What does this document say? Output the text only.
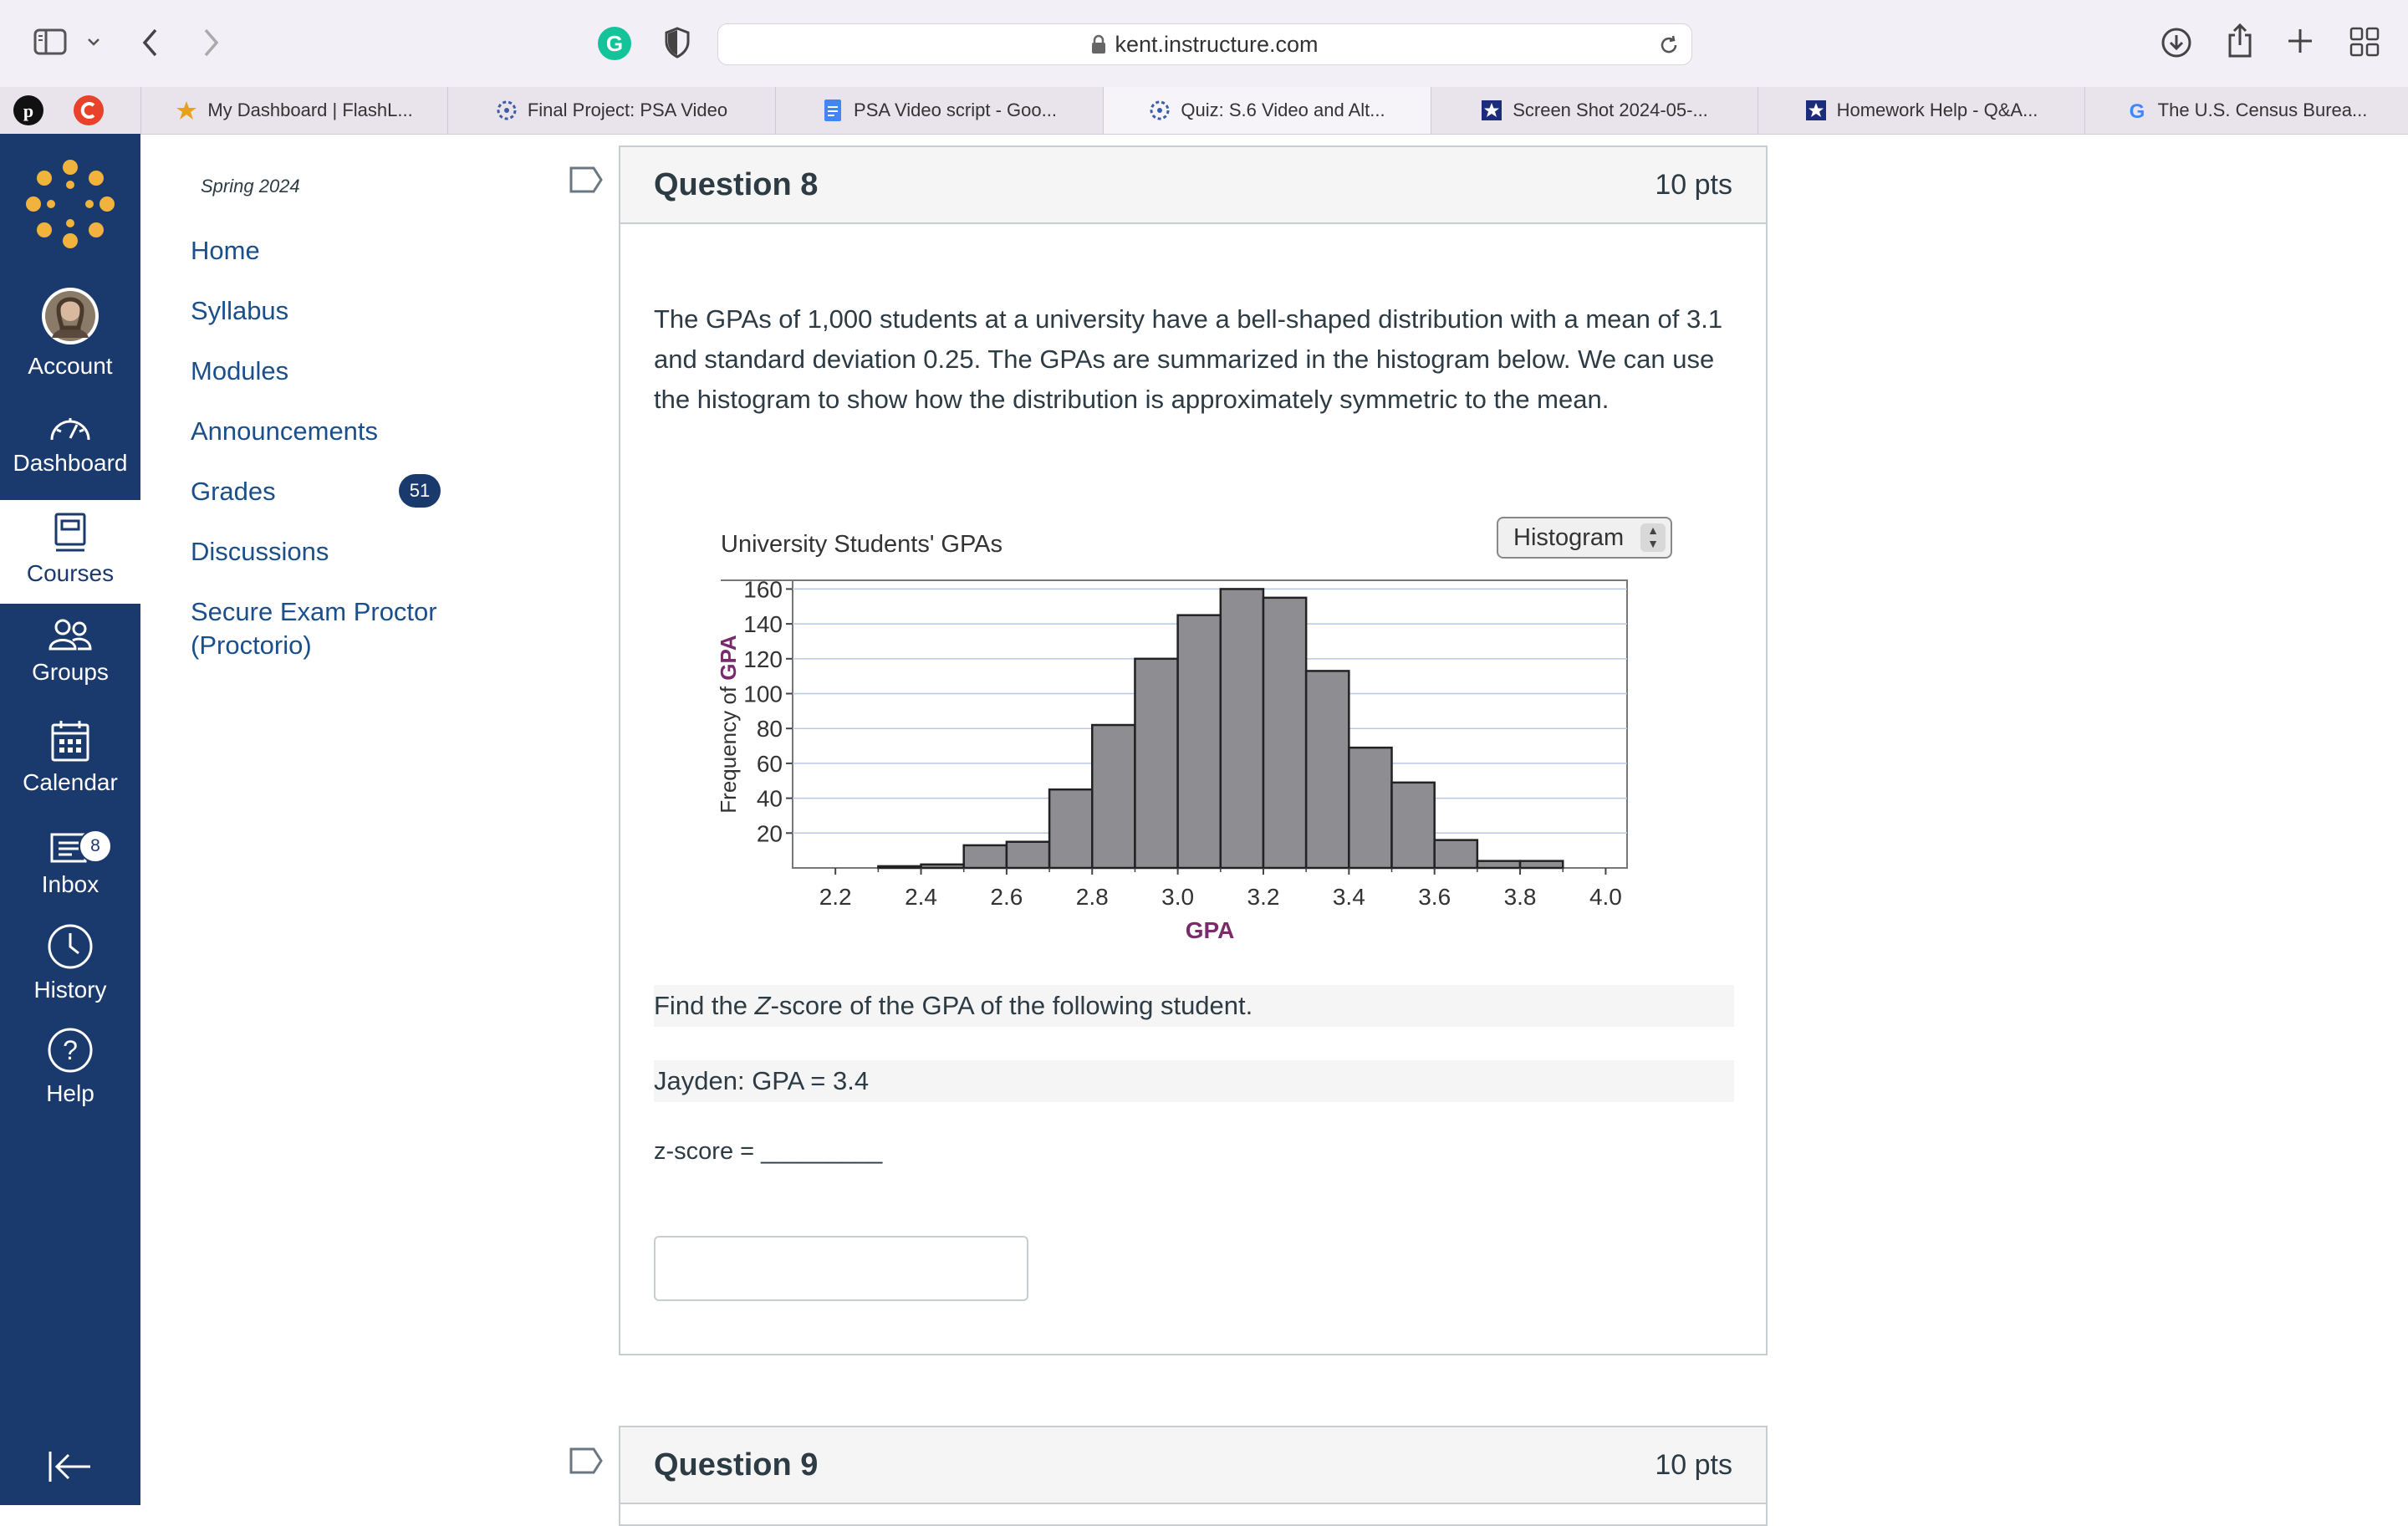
G	kent.instructure.com
p	My Dashboard | FlashL...	Final Project: PSA Video	PSA Video script - Goo...	Quiz: S.6 Video and Alt...	Screen Shot 2024-05-...	Homework Help - Q&A...	G The U.S. Census Burea...
Account
Dashboard
Courses
Groups
Calendar
Inbox
8
History
?
Help
Spring 2024
Home
Syllabus
Modules
Announcements
Grades	51
Discussions
Secure Exam Proctor
(Proctorio)
Question 8	10 pts
The GPAs of 1,000 students at a university have a bell-shaped distribution with a mean of 3.1 and standard deviation 0.25. The GPAs are summarized in the histogram below. We can use the histogram to show how the distribution is approximately symmetric to the mean.
University Students' GPAs	Histogram	▲
▼
20
40
60
80
100
120
140
160
2.2 2.4 2.6 2.8 3.0 3.2 3.4 3.6 3.8 4.0
GPA
Frequency of GPA
Find the Z-score of the GPA of the following student.
Jayden: GPA = 3.4
z-score = _________
Question 9	10 pts
